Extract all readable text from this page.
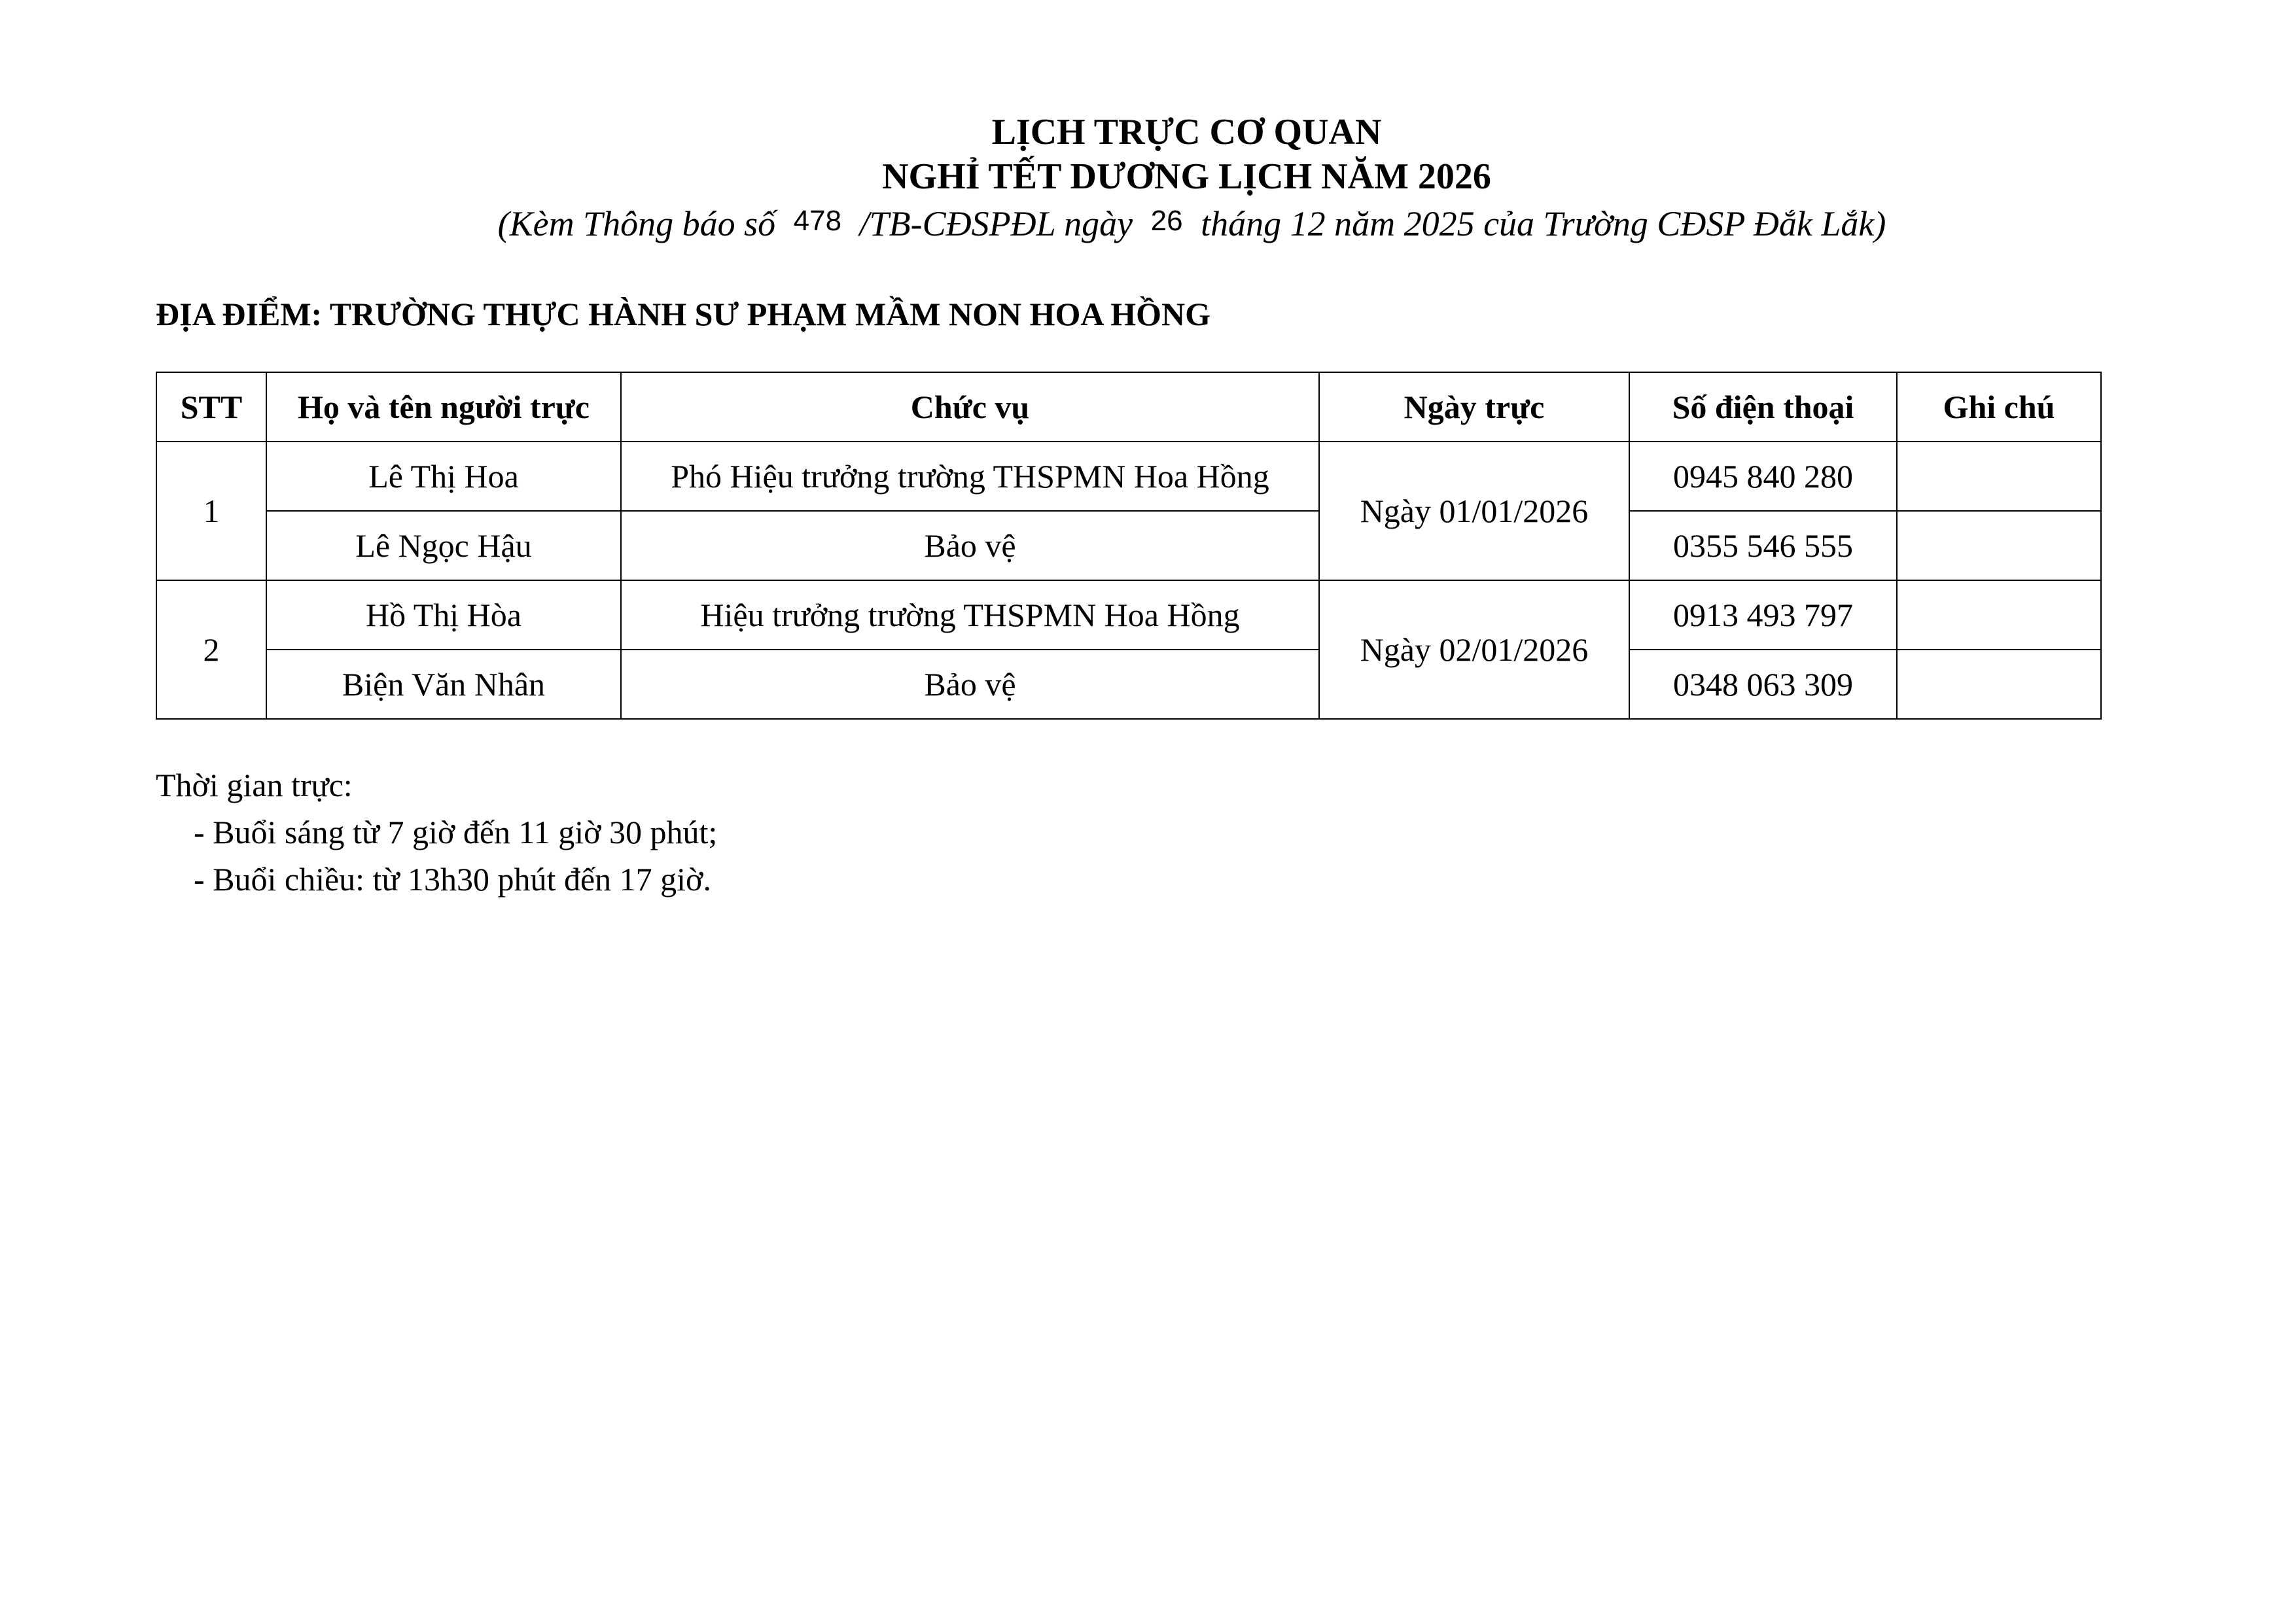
LỊCH TRỰC CƠ QUAN
NGHỈ TẾT DƯƠNG LỊCH NĂM 2026
(Kèm Thông báo số 478 /TB-CĐSPĐL ngày 26 tháng 12 năm 2025 của Trường CĐSP Đắk Lắk)
ĐỊA ĐIỂM: TRƯỜNG THỰC HÀNH SƯ PHẠM MẦM NON HOA HỒNG
STT	Họ và tên người trực	Chức vụ	Ngày trực	Số điện thoại	Ghi chú
1	Lê Thị Hoa	Phó Hiệu trưởng trường THSPMN Hoa Hồng	Ngày 01/01/2026	0945 840 280	
	Lê Ngọc Hậu	Bảo vệ		0355 546 555	
2	Hồ Thị Hòa	Hiệu trưởng trường THSPMN Hoa Hồng	Ngày 02/01/2026	0913 493 797	
	Biện Văn Nhân	Bảo vệ		0348 063 309	
Thời gian trực:
- Buổi sáng từ 7 giờ đến 11 giờ 30 phút;
- Buổi chiều: từ 13h30 phút đến 17 giờ.
